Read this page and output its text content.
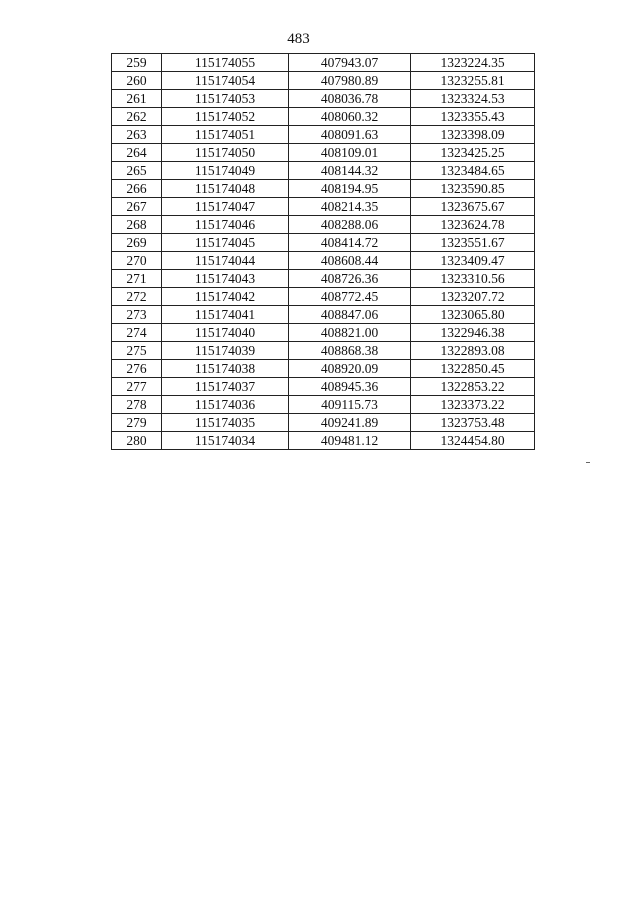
483
259	115174055	407943.07	1323224.35
260	115174054	407980.89	1323255.81
261	115174053	408036.78	1323324.53
262	115174052	408060.32	1323355.43
263	115174051	408091.63	1323398.09
264	115174050	408109.01	1323425.25
265	115174049	408144.32	1323484.65
266	115174048	408194.95	1323590.85
267	115174047	408214.35	1323675.67
268	115174046	408288.06	1323624.78
269	115174045	408414.72	1323551.67
270	115174044	408608.44	1323409.47
271	115174043	408726.36	1323310.56
272	115174042	408772.45	1323207.72
273	115174041	408847.06	1323065.80
274	115174040	408821.00	1322946.38
275	115174039	408868.38	1322893.08
276	115174038	408920.09	1322850.45
277	115174037	408945.36	1322853.22
278	115174036	409115.73	1323373.22
279	115174035	409241.89	1323753.48
280	115174034	409481.12	1324454.80
